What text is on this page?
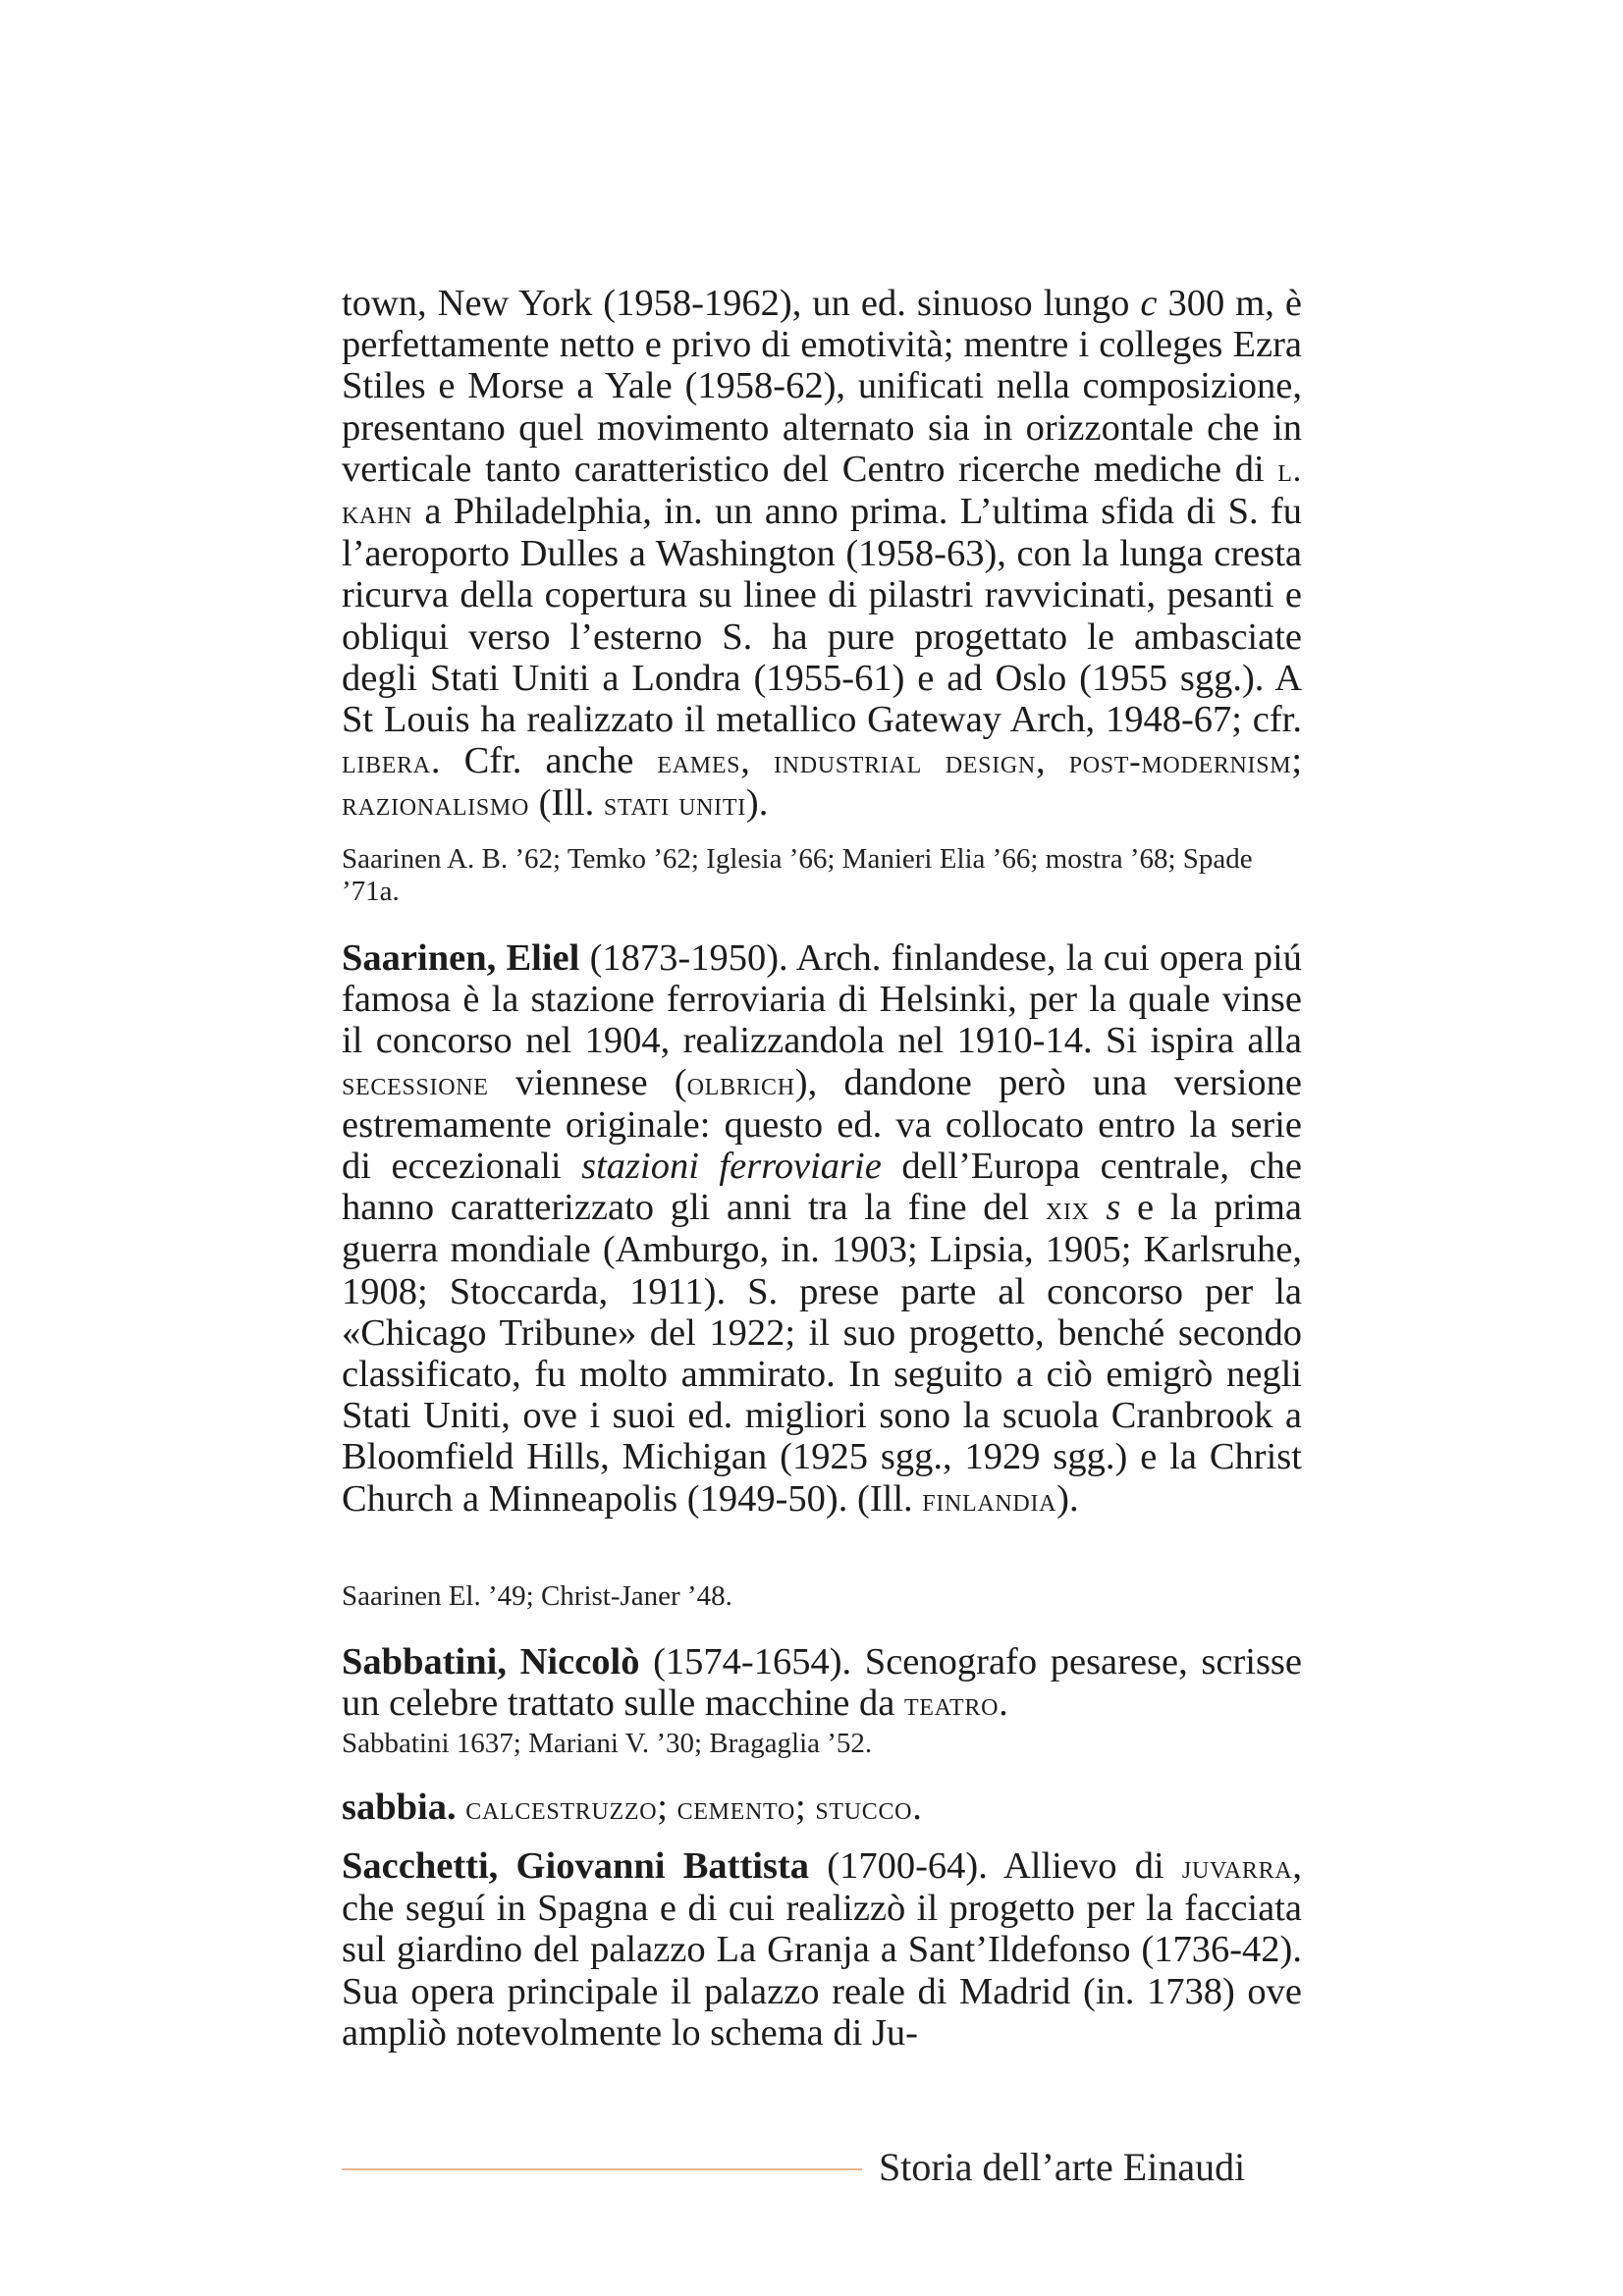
town, New York (1958-1962), un ed. sinuoso lungo c 300 m, è perfettamente netto e privo di emotività; mentre i colleges Ezra Stiles e Morse a Yale (1958-62), unificati nella composizione, presentano quel movimento alternato sia in orizzontale che in verticale tanto caratteristico del Centro ricerche mediche di l. kahn a Philadelphia, in. un anno prima. L’ultima sfida di S. fu l’aeroporto Dulles a Washington (1958-63), con la lunga cresta ricurva della copertura su linee di pilastri ravvicinati, pesanti e obliqui verso l’esterno S. ha pure progettato le ambasciate degli Stati Uniti a Londra (1955-61) e ad Oslo (1955 sgg.). A St Louis ha realizzato il metallico Gateway Arch, 1948-67; cfr. libera. Cfr. anche eames, industrial design, post-modernism; razionalismo (Ill. stati uniti).

Saarinen A. B. ’62; Temko ’62; Iglesia ’66; Manieri Elia ’66; mostra ’68; Spade ’71a.

Saarinen, Eliel (1873-1950). Arch. finlandese, la cui opera piú famosa è la stazione ferroviaria di Helsinki, per la quale vinse il concorso nel 1904, realizzandola nel 1910-14. Si ispira alla secessione viennese (olbrich), dandone però una versione estremamente originale: questo ed. va collocato entro la serie di eccezionali stazioni ferroviarie dell’Europa centrale, che hanno caratterizzato gli anni tra la fine del xix s e la prima guerra mondiale (Amburgo, in. 1903; Lipsia, 1905; Karlsruhe, 1908; Stoccarda, 1911). S. prese parte al concorso per la «Chicago Tribune» del 1922; il suo progetto, benché secondo classificato, fu molto ammirato. In seguito a ciò emigrò negli Stati Uniti, ove i suoi ed. migliori sono la scuola Cranbrook a Bloomfield Hills, Michigan (1925 sgg., 1929 sgg.) e la Christ Church a Minneapolis (1949-50). (Ill. finlandia).

Saarinen El. ’49; Christ-Janer ’48.

Sabbatini, Niccolò (1574-1654). Scenografo pesarese, scrisse un celebre trattato sulle macchine da teatro.

Sabbatini 1637; Mariani V. ’30; Bragaglia ’52.

sabbia. calcestruzzo; cemento; stucco.

Sacchetti, Giovanni Battista (1700-64). Allievo di juvarra, che seguí in Spagna e di cui realizzò il progetto per la facciata sul giardino del palazzo La Granja a Sant’Ildefonso (1736-42). Sua opera principale il palazzo reale di Madrid (in. 1738) ove ampliò notevolmente lo schema di Ju-

Storia dell’arte Einaudi
